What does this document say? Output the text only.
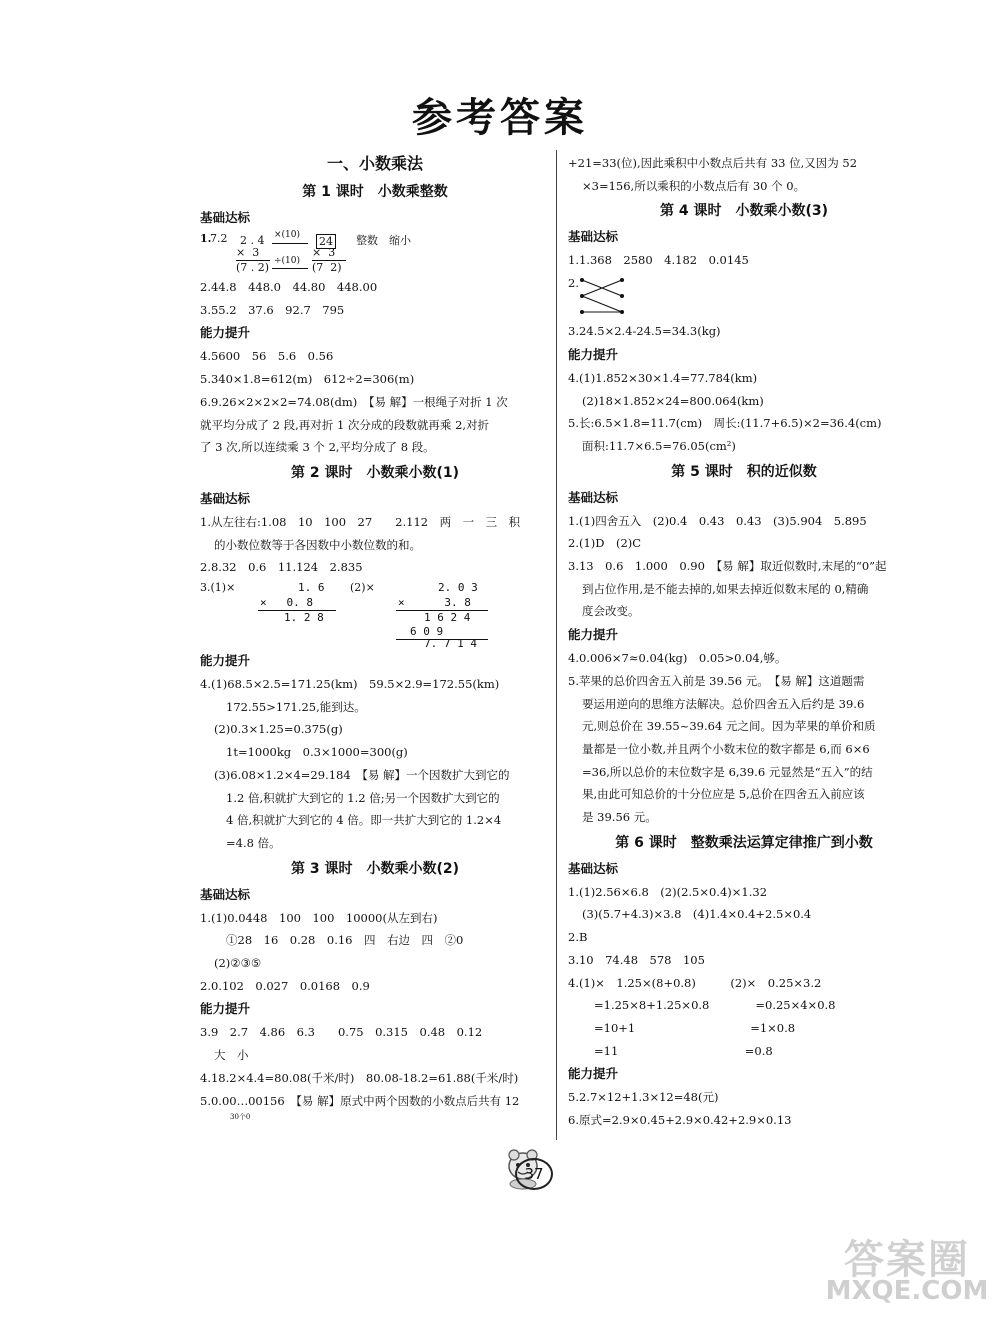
参考答案
一、小数乘法
第 1 课时　小数乘整数
基础达标
1.
7.2 2 . 4
×  3
(7 . 2)
×(10)
÷(10)
24
×  3
(7  2)
整数　缩小
2.44.8　448.0　44.80　448.00
3.55.2　37.6　92.7　795
能力提升
4.5600　56　5.6　0.56
5.340×1.8=612(m)　612÷2=306(m)
6.9.26×2×2×2=74.08(dm)　【易 解】一根绳子对折 1 次
就平均分成了 2 段,再对折 1 次分成的段数就再乘 2,对折
了 3 次,所以连续乘 3 个 2,平均分成了 8 段。
第 2 课时　小数乘小数(1)
基础达标
1.从左往右:1.08　10　100　27　　2.112　两　一　三　积
的小数位数等于各因数中小数位数的和。
2.8.32　0.6　11.124　2.835
3.(1)×	1. 6
×   0. 8
1. 2 8
(2)×	2. 0 3
×      3. 8
1 6 2 4
6 0 9
7. 7 1 4
能力提升
4.(1)68.5×2.5=171.25(km)　59.5×2.9=172.55(km)
172.55>171.25,能到达。
(2)0.3×1.25=0.375(g)
1t=1000kg　0.3×1000=300(g)
(3)6.08×1.2×4=29.184　【易 解】一个因数扩大到它的
1.2 倍,积就扩大到它的 1.2 倍;另一个因数扩大到它的
4 倍,积就扩大到它的 4 倍。即一共扩大到它的 1.2×4
=4.8 倍。
第 3 课时　小数乘小数(2)
基础达标
1.(1)0.0448　100　100　10000(从左到右)
①28　16　0.28　0.16　四　右边　四　②0
(2)②③⑤
2.0.102　0.027　0.0168　0.9
能力提升
3.9　2.7　4.86　6.3　　0.75　0.315　0.48　0.12
大　小
4.18.2×4.4=80.08(千米/时)　80.08-18.2=61.88(千米/时)
5.0.00…00156　【易 解】原式中两个因数的小数点后共有 12
30个0
+21=33(位),因此乘积中小数点后共有 33 位,又因为 52
×3=156,所以乘积的小数点后有 30 个 0。
第 4 课时　小数乘小数(3)
基础达标
1.1.368　2580　4.182　0.0145
2.
3.24.5×2.4-24.5=34.3(kg)
能力提升
4.(1)1.852×30×1.4=77.784(km)
(2)18×1.852×24=800.064(km)
5.长:6.5×1.8=11.7(cm)　周长:(11.7+6.5)×2=36.4(cm)
面积:11.7×6.5=76.05(cm²)
第 5 课时　积的近似数
基础达标
1.(1)四舍五入　(2)0.4　0.43　0.43　(3)5.904　5.895
2.(1)D　(2)C
3.13　0.6　1.000　0.90　【易 解】取近似数时,末尾的“0”起
到占位作用,是不能去掉的,如果去掉近似数末尾的 0,精确
度会改变。
能力提升
4.0.006×7≈0.04(kg)　0.05>0.04,够。
5.苹果的总价四舍五入前是 39.56 元。　【易 解】这道题需
要运用逆向的思维方法解决。总价四舍五入后约是 39.6
元,则总价在 39.55~39.64 元之间。因为苹果的单价和质
量都是一位小数,并且两个小数末位的数字都是 6,而 6×6
=36,所以总价的末位数字是 6,39.6 元显然是“五入”的结
果,由此可知总价的十分位应是 5,总价在四舍五入前应该
是 39.56 元。
第 6 课时　整数乘法运算定律推广到小数
基础达标
1.(1)2.56×6.8　(2)(2.5×0.4)×1.32
(3)(5.7+4.3)×3.8　(4)1.4×0.4+2.5×0.4
2.B
3.10　74.48　578　105
4.(1)×　1.25×(8+0.8)　　　(2)×　0.25×3.2
=1.25×8+1.25×0.8　　　　=0.25×4×0.8
=10+1　　　　　　　　　　=1×0.8
=11　　　　　　　　　　　=0.8
能力提升
5.2.7×12+1.3×12=48(元)
6.原式=2.9×0.45+2.9×0.42+2.9×0.13
37
答案圈
MXQE.COM
